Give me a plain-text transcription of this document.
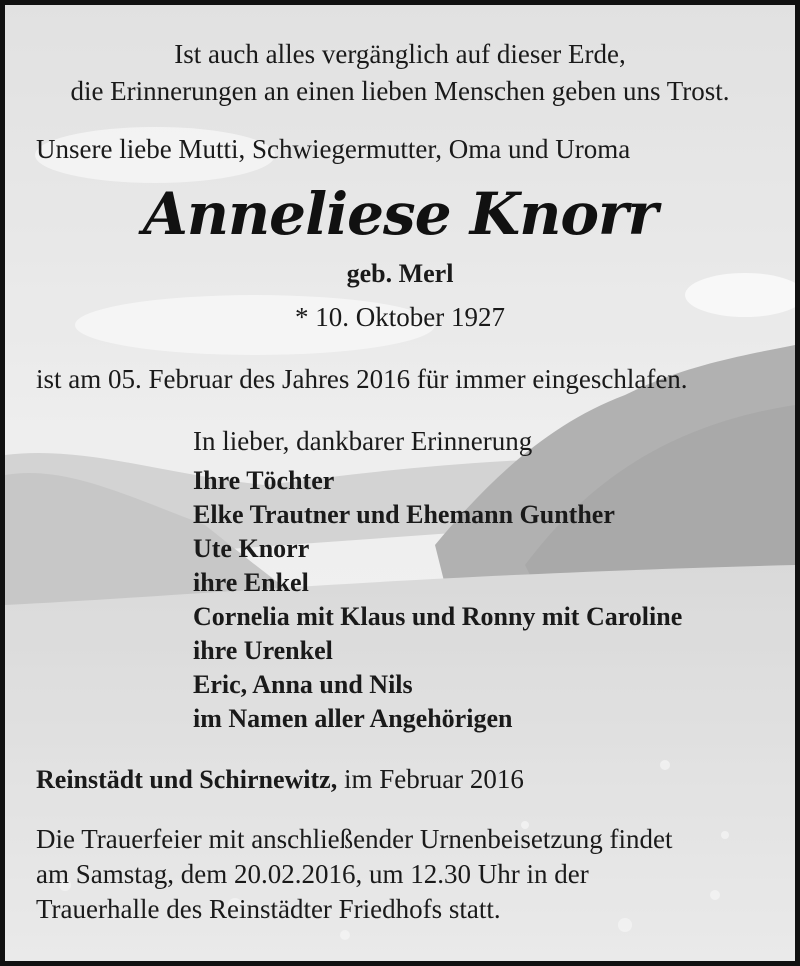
Ist auch alles vergänglich auf dieser Erde,
die Erinnerungen an einen lieben Menschen geben uns Trost.
Unsere liebe Mutti, Schwiegermutter, Oma und Uroma
Anneliese Knorr
geb. Merl
* 10. Oktober 1927
ist am 05. Februar des Jahres 2016 für immer eingeschlafen.
In lieber, dankbarer Erinnerung
Ihre Töchter
Elke Trautner und Ehemann Gunther
Ute Knorr
ihre Enkel
Cornelia mit Klaus und Ronny mit Caroline
ihre Urenkel
Eric, Anna und Nils
im Namen aller Angehörigen
Reinstädt und Schirnewitz, im Februar 2016
Die Trauerfeier mit anschließender Urnenbeisetzung findet
am Samstag, dem 20.02.2016, um 12.30 Uhr in der
Trauerhalle des Reinstädter Friedhofs statt.
